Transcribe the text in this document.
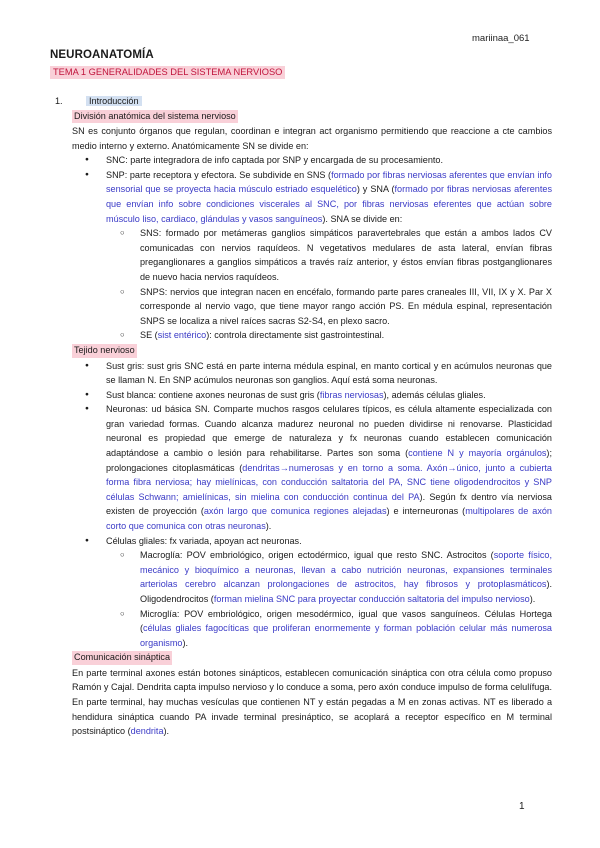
mariinaa_061
NEUROANATOMÍA
TEMA 1 GENERALIDADES DEL SISTEMA NERVIOSO

1.	Introducción

División anatómica del sistema nervioso

SN es conjunto órganos que regulan, coordinan e integran act organismo permitiendo que reaccione a cte cambios medio interno y externo. Anatómicamente SN se divide en:

● SNC: parte integradora de info captada por SNP y encargada de su procesamiento.
● SNP: parte receptora y efectora. Se subdivide en SNS (formado por fibras nerviosas aferentes que envían info sensorial que se proyecta hacia músculo estriado esquelético) y SNA (formado por fibras nerviosas aferentes que envían info sobre condiciones viscerales al SNC, por fibras nerviosas eferentes que actúan sobre músculo liso, cardiaco, glándulas y vasos sanguíneos). SNA se divide en:
○ SNS: formado por metámeras ganglios simpáticos paravertebrales que están a ambos lados CV comunicadas con nervios raquídeos. N vegetativos medulares de asta lateral, envían fibras preganglionares a ganglios simpáticos a través raíz anterior, y éstos envían fibras postganglionares de nuevo hacia nervios raquídeos.
○ SNPS: nervios que integran nacen en encéfalo, formando parte pares craneales III, VII, IX y X. Par X corresponde al nervio vago, que tiene mayor rango acción PS. En médula espinal, representación SNPS se localiza a nivel raíces sacras S2-S4, en plexo sacro.
○ SE (sist entérico): controla directamente sist gastrointestinal.
Tejido nervioso
● Sust gris: sust gris SNC está en parte interna médula espinal, en manto cortical y en acúmulos neuronas que se llaman N. En SNP acúmulos neuronas son ganglios. Aquí está soma neuronas.
● Sust blanca: contiene axones neuronas de sust gris (fibras nerviosas), además células gliales.
● Neuronas: ud básica SN. Comparte muchos rasgos celulares típicos, es célula altamente especializada con gran variedad formas. Cuando alcanza madurez neuronal no pueden dividirse ni renovarse. Plasticidad neuronal es propiedad que emerge de naturaleza y fx neuronas cuando establecen comunicación adaptándose a cambio o lesión para rehabilitarse. Partes son soma (contiene N y mayoría orgánulos); prolongaciones citoplasmáticas (dendritas→numerosas y en torno a soma. Axón→único, junto a cubierta forma fibra nerviosa; hay mielínicas, con conducción saltatoria del PA, SNC tiene oligodendrocitos y SNP células Schwann; amielínicas, sin mielina con conducción continua del PA). Según fx dentro vía nerviosa existen de proyección (axón largo que comunica regiones alejadas) e interneuronas (multipolares de axón corto que comunica con otras neuronas).
● Células gliales: fx variada, apoyan act neuronas.
○ Macroglía: POV embriológico, origen ectodérmico, igual que resto SNC. Astrocitos (soporte físico, mecánico y bioquímico a neuronas, llevan a cabo nutrición neuronas, expansiones terminales arteriolas cerebro alcanzan prolongaciones de astrocitos, hay fibrosos y protoplasmáticos). Oligodendrocitos (forman mielina SNC para proyectar conducción saltatoria del impulso nervioso).
○ Microglía: POV embriológico, origen mesodérmico, igual que vasos sanguíneos. Células Hortega (células gliales fagocíticas que proliferan enormemente y forman población celular más numerosa organismo).
Comunicación sináptica

En parte terminal axones están botones sinápticos, establecen comunicación sináptica con otra célula como propuso Ramón y Cajal. Dendrita capta impulso nervioso y lo conduce a soma, pero axón conduce impulso de forma celulífuga. En parte terminal, hay muchas vesículas que contienen NT y están pegadas a M en zonas activas. NT es liberado a hendidura sináptica cuando PA invade terminal presináptico, se acoplará a receptor específico en M terminal postsináptico (dendrita).

1
